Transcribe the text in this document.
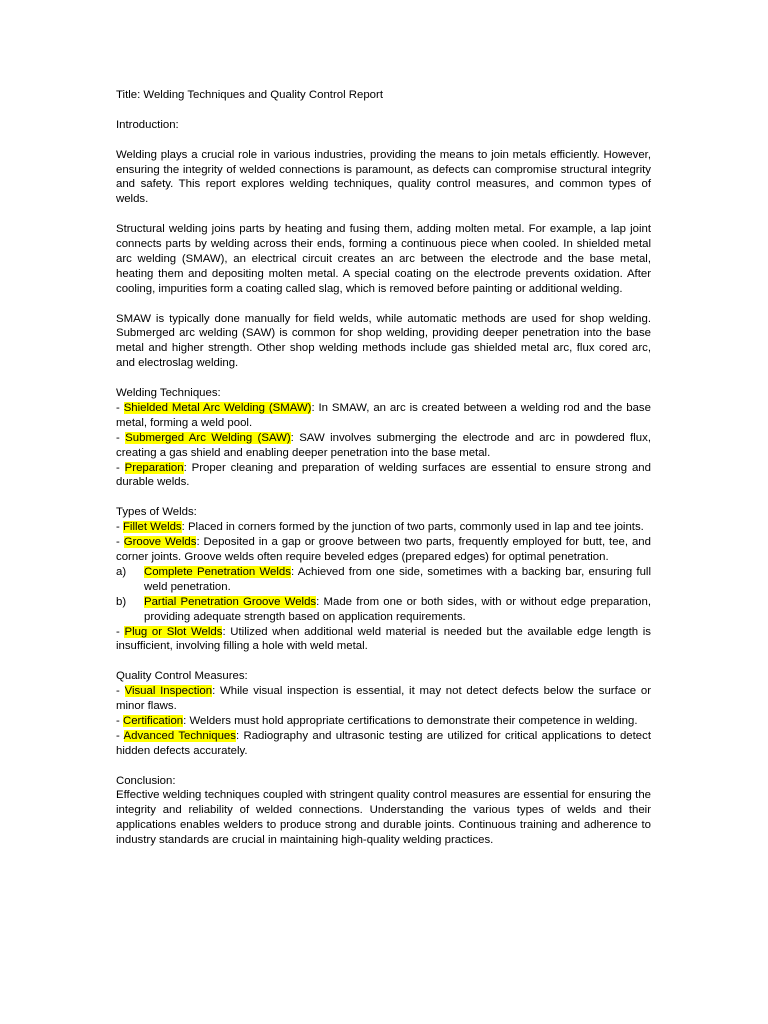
Title: Welding Techniques and Quality Control Report
Introduction:
Welding plays a crucial role in various industries, providing the means to join metals efficiently. However, ensuring the integrity of welded connections is paramount, as defects can compromise structural integrity and safety. This report explores welding techniques, quality control measures, and common types of welds.
Structural welding joins parts by heating and fusing them, adding molten metal. For example, a lap joint connects parts by welding across their ends, forming a continuous piece when cooled. In shielded metal arc welding (SMAW), an electrical circuit creates an arc between the electrode and the base metal, heating them and depositing molten metal. A special coating on the electrode prevents oxidation. After cooling, impurities form a coating called slag, which is removed before painting or additional welding.
SMAW is typically done manually for field welds, while automatic methods are used for shop welding. Submerged arc welding (SAW) is common for shop welding, providing deeper penetration into the base metal and higher strength. Other shop welding methods include gas shielded metal arc, flux cored arc, and electroslag welding.
Welding Techniques:
- Shielded Metal Arc Welding (SMAW): In SMAW, an arc is created between a welding rod and the base metal, forming a weld pool.
- Submerged Arc Welding (SAW): SAW involves submerging the electrode and arc in powdered flux, creating a gas shield and enabling deeper penetration into the base metal.
- Preparation: Proper cleaning and preparation of welding surfaces are essential to ensure strong and durable welds.
Types of Welds:
- Fillet Welds: Placed in corners formed by the junction of two parts, commonly used in lap and tee joints.
- Groove Welds: Deposited in a gap or groove between two parts, frequently employed for butt, tee, and corner joints. Groove welds often require beveled edges (prepared edges) for optimal penetration.
a) Complete Penetration Welds: Achieved from one side, sometimes with a backing bar, ensuring full weld penetration.
b) Partial Penetration Groove Welds: Made from one or both sides, with or without edge preparation, providing adequate strength based on application requirements.
- Plug or Slot Welds: Utilized when additional weld material is needed but the available edge length is insufficient, involving filling a hole with weld metal.
Quality Control Measures:
- Visual Inspection: While visual inspection is essential, it may not detect defects below the surface or minor flaws.
- Certification: Welders must hold appropriate certifications to demonstrate their competence in welding.
- Advanced Techniques: Radiography and ultrasonic testing are utilized for critical applications to detect hidden defects accurately.
Conclusion:
Effective welding techniques coupled with stringent quality control measures are essential for ensuring the integrity and reliability of welded connections. Understanding the various types of welds and their applications enables welders to produce strong and durable joints. Continuous training and adherence to industry standards are crucial in maintaining high-quality welding practices.
